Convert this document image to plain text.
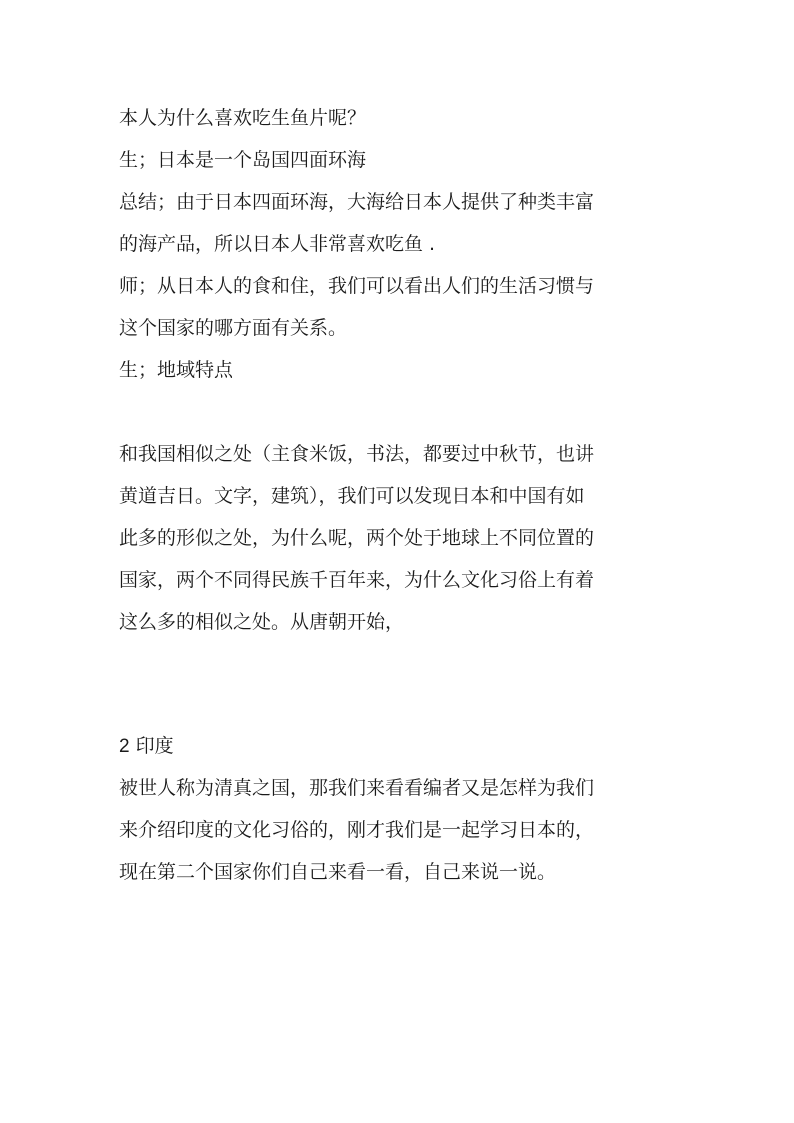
本人为什么喜欢吃生鱼片呢？
生；日本是一个岛国四面环海
总结；由于日本四面环海，大海给日本人提供了种类丰富
的海产品，所以日本人非常喜欢吃鱼 .
师；从日本人的食和住，我们可以看出人们的生活习惯与
这个国家的哪方面有关系。
生；地域特点
和我国相似之处（主食米饭，书法，都要过中秋节，也讲
黄道吉日。文字，建筑），我们可以发现日本和中国有如
此多的形似之处，为什么呢，两个处于地球上不同位置的
国家，两个不同得民族千百年来，为什么文化习俗上有着
这么多的相似之处。从唐朝开始，
2 印度
被世人称为清真之国，那我们来看看编者又是怎样为我们
来介绍印度的文化习俗的，刚才我们是一起学习日本的，
现在第二个国家你们自己来看一看，自己来说一说。
